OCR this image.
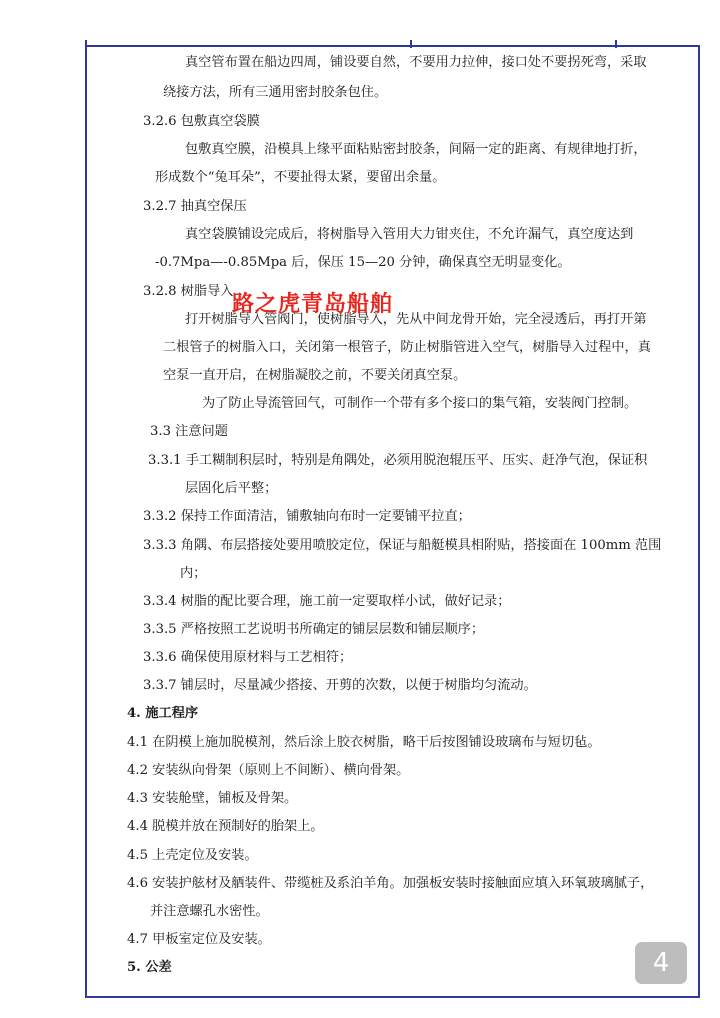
真空管布置在船边四周，铺设要自然，不要用力拉伸，接口处不要拐死弯，采取
绕接方法，所有三通用密封胶条包住。
3.2.6 包敷真空袋膜
包敷真空膜，沿模具上缘平面粘贴密封胶条，间隔一定的距离、有规律地打折，
形成数个“兔耳朵”，不要扯得太紧，要留出余量。
3.2.7 抽真空保压
真空袋膜铺设完成后，将树脂导入管用大力钳夹住，不允许漏气，真空度达到
-0.7Mpa—-0.85Mpa 后，保压 15—20 分钟，确保真空无明显变化。
3.2.8 树脂导入
打开树脂导入管阀门，使树脂导入，先从中间龙骨开始，完全浸透后，再打开第
二根管子的树脂入口，关闭第一根管子，防止树脂管进入空气，树脂导入过程中，真
空泵一直开启，在树脂凝胶之前，不要关闭真空泵。
为了防止导流管回气，可制作一个带有多个接口的集气箱，安装阀门控制。
3.3 注意问题
3.3.1 手工糊制积层时，特别是角隅处，必须用脱泡辊压平、压实、赶净气泡，保证积
层固化后平整；
3.3.2 保持工作面清洁，铺敷轴向布时一定要铺平拉直；
3.3.3 角隅、布层搭接处要用喷胶定位，保证与船艇模具相附贴，搭接面在 100mm 范围
内；
3.3.4 树脂的配比要合理，施工前一定要取样小试，做好记录；
3.3.5 严格按照工艺说明书所确定的铺层层数和铺层顺序；
3.3.6 确保使用原材料与工艺相符；
3.3.7 铺层时，尽量减少搭接、开剪的次数，以便于树脂均匀流动。
4. 施工程序
4.1 在阴模上施加脱模剂，然后涂上胶衣树脂，略干后按图铺设玻璃布与短切毡。
4.2 安装纵向骨架（原则上不间断）、横向骨架。
4.3 安装舱壁，铺板及骨架。
4.4 脱模并放在预制好的胎架上。
4.5 上壳定位及安装。
4.6 安装护舷材及舾装件、带缆桩及系泊羊角。加强板安装时接触面应填入环氧玻璃腻子，
并注意螺孔水密性。
4.7 甲板室定位及安装。
5. 公差
路之虎青岛船舶
4
